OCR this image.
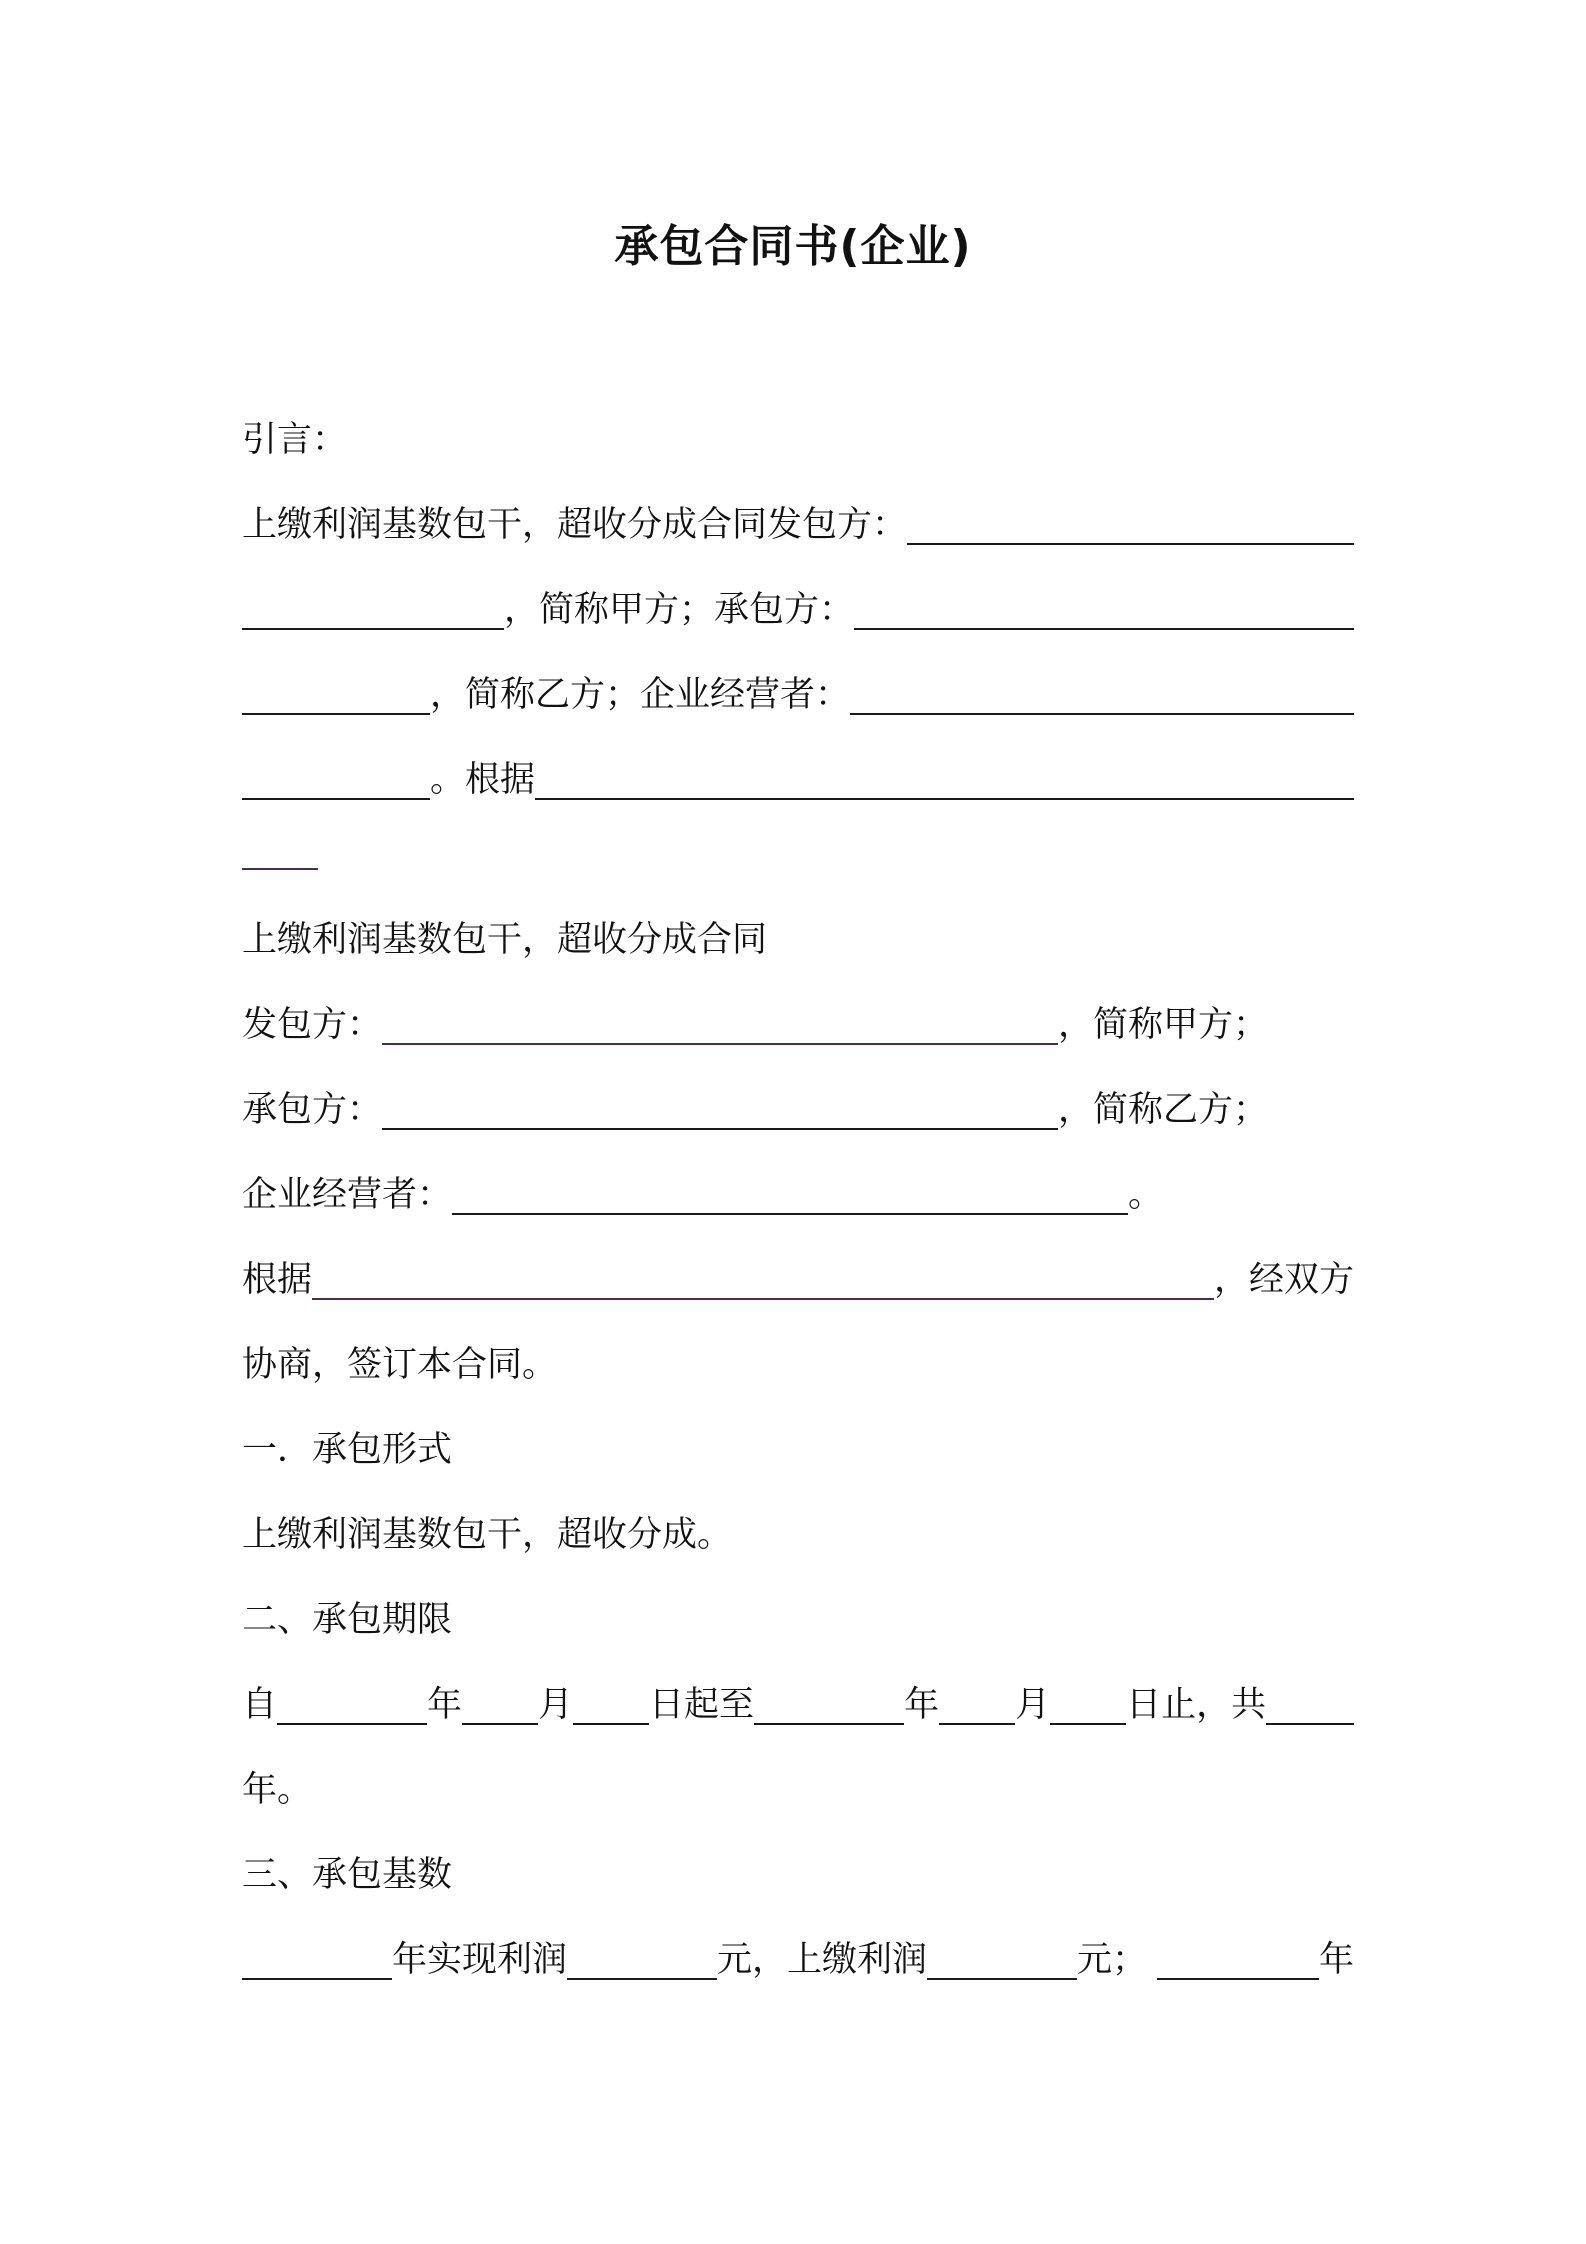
承包合同书(企业)
引言：
上缴利润基数包干，超收分成合同发包方：
，简称甲方；承包方：
，简称乙方；企业经营者：
。根据
上缴利润基数包干，超收分成合同
发包方：	，简称甲方；
承包方：	，简称乙方；
企业经营者：	。
根据	，经双方
协商，签订本合同。
一．承包形式
上缴利润基数包干，超收分成。
二、承包期限
自	年 月 日起至	年 月 日止，共
年。
三、承包基数
年实现利润	元，上缴利润	元；	年
